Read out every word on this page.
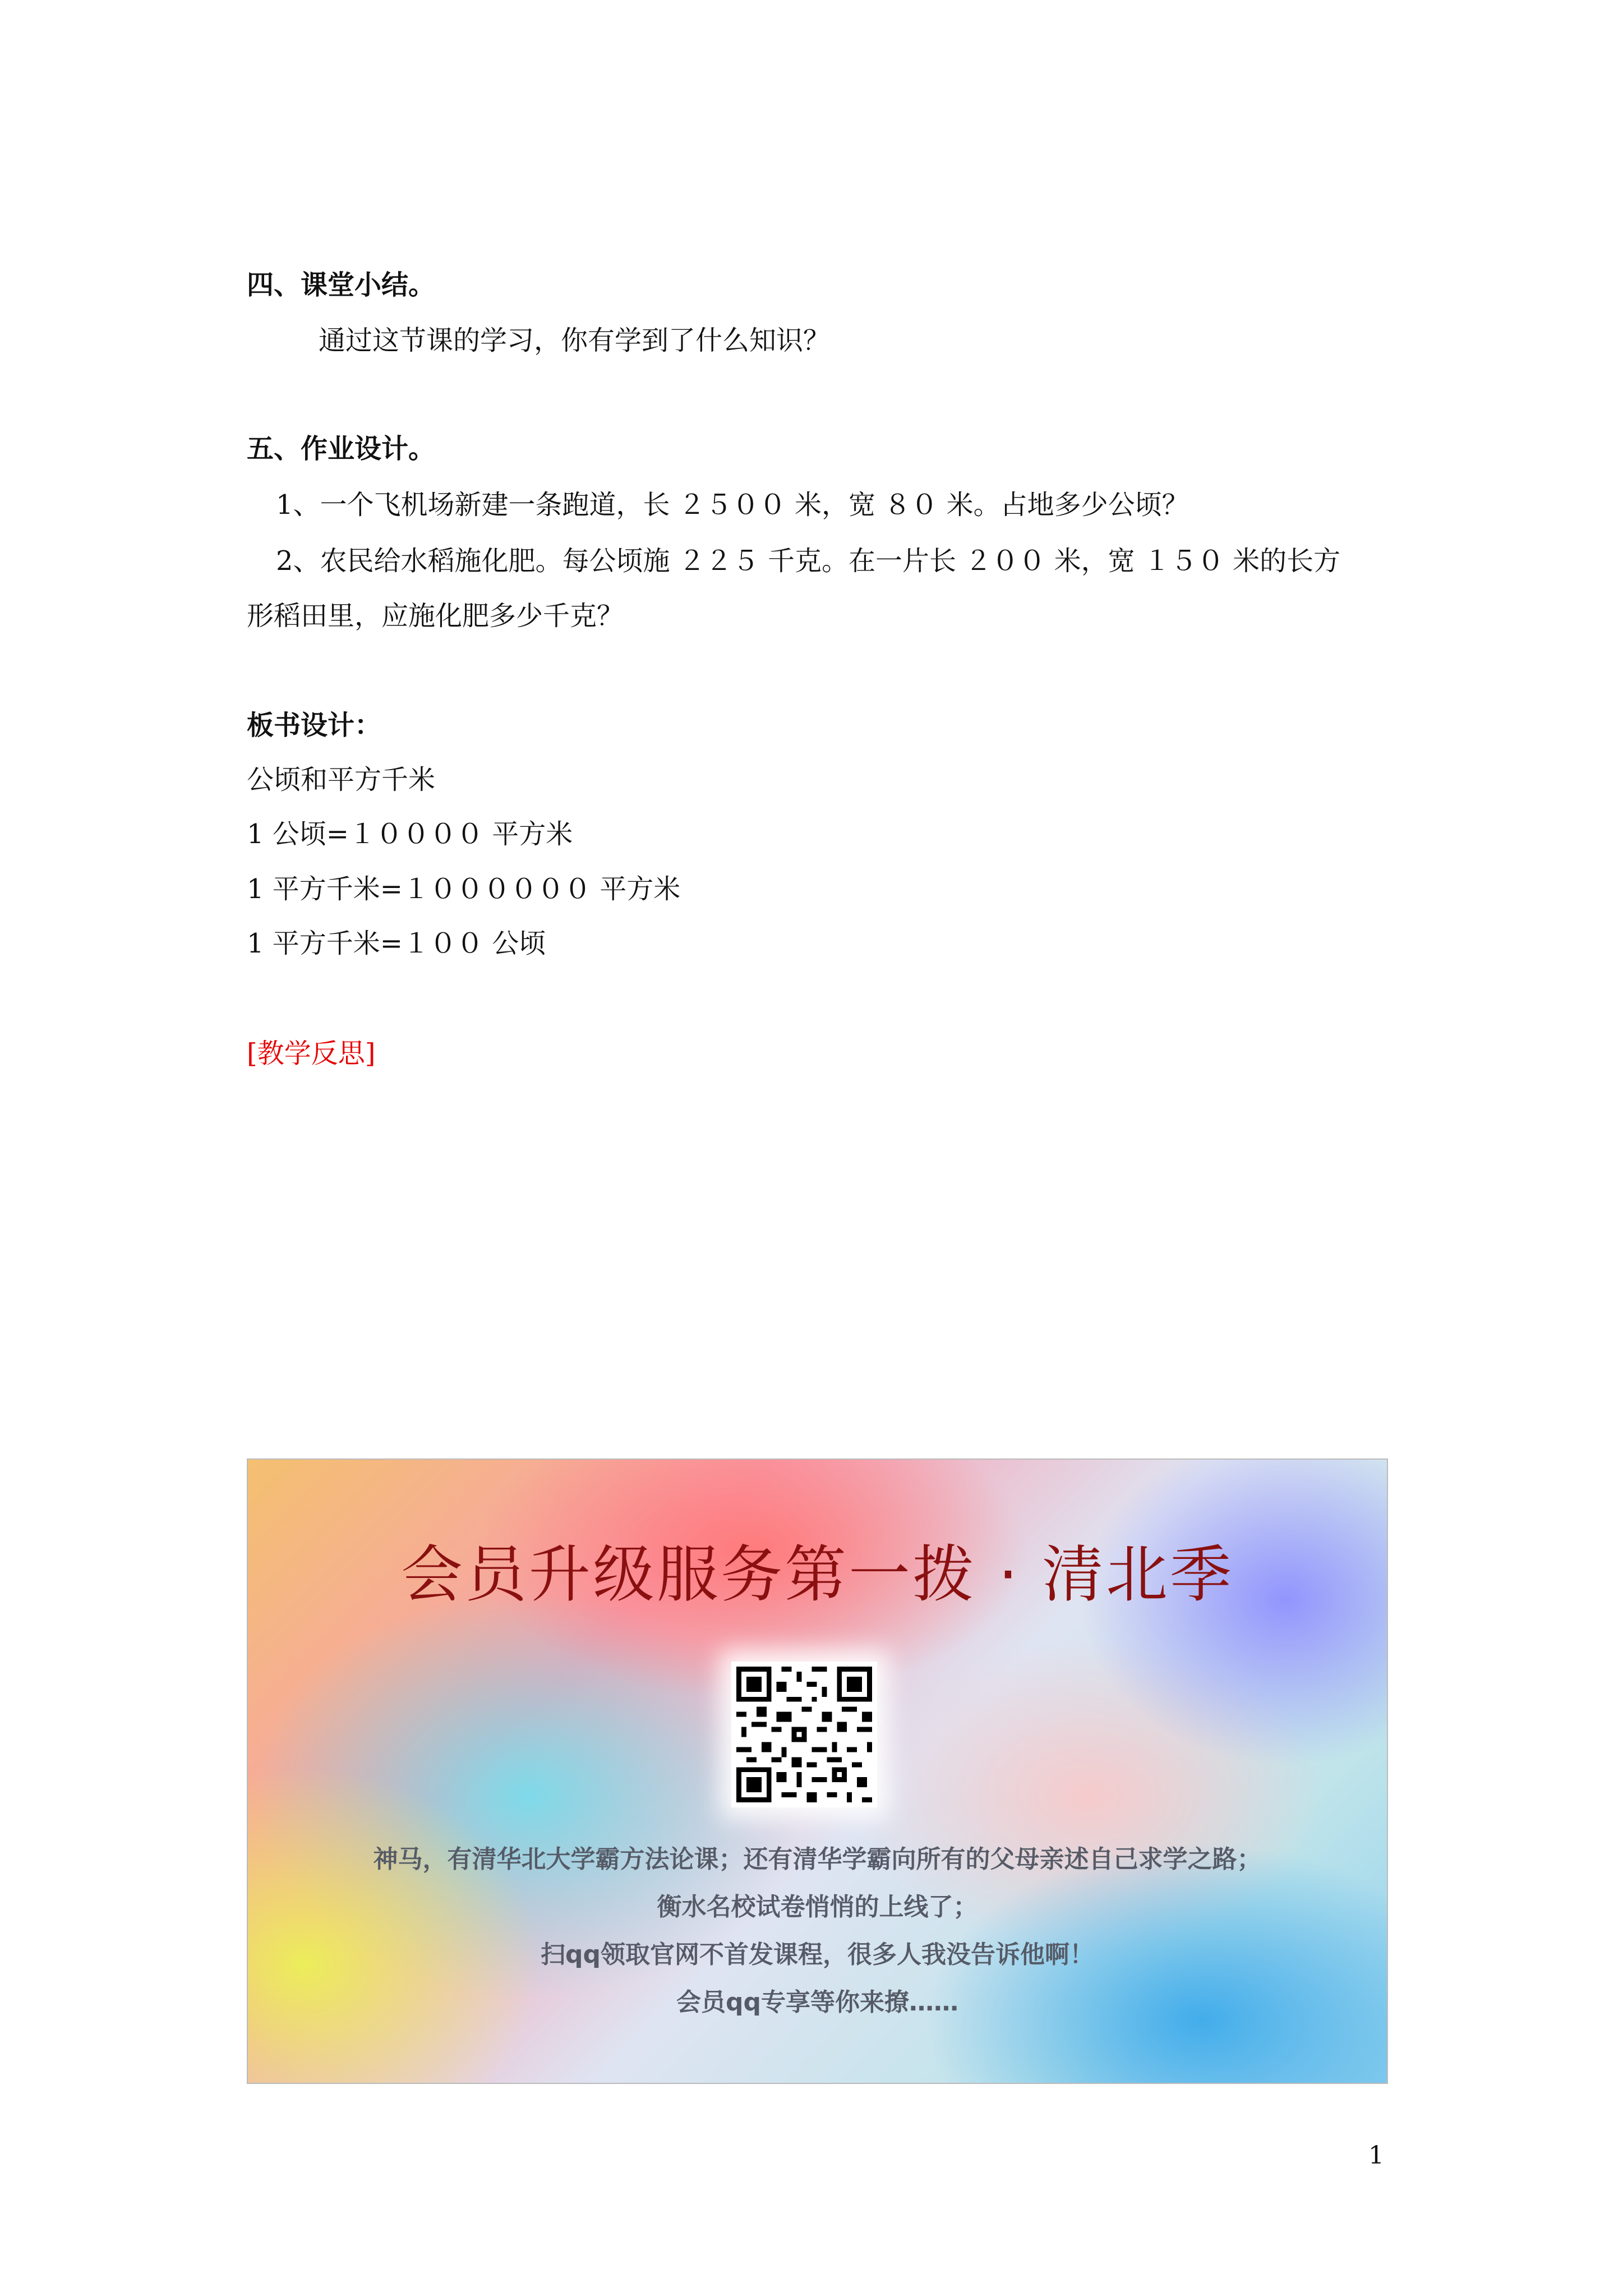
四、课堂小结。
通过这节课的学习，你有学到了什么知识？
五、作业设计。
1、一个飞机场新建一条跑道，长 ２５００ 米，宽 ８０ 米。占地多少公顷？
2、农民给水稻施化肥。每公顷施 ２２５ 千克。在一片长 ２００ 米，宽 １５０ 米的长方
形稻田里，应施化肥多少千克？
板书设计：
公顷和平方千米
1 公顷=１００００ 平方米
1 平方千米=１００００００ 平方米
1 平方千米=１００ 公顷
[教学反思]
会员升级服务第一拨 · 清北季
神马，有清华北大学霸方法论课；还有清华学霸向所有的父母亲述自己求学之路；
衡水名校试卷悄悄的上线了；
扫qq领取官网不首发课程，很多人我没告诉他啊！
会员qq专享等你来撩……
1
